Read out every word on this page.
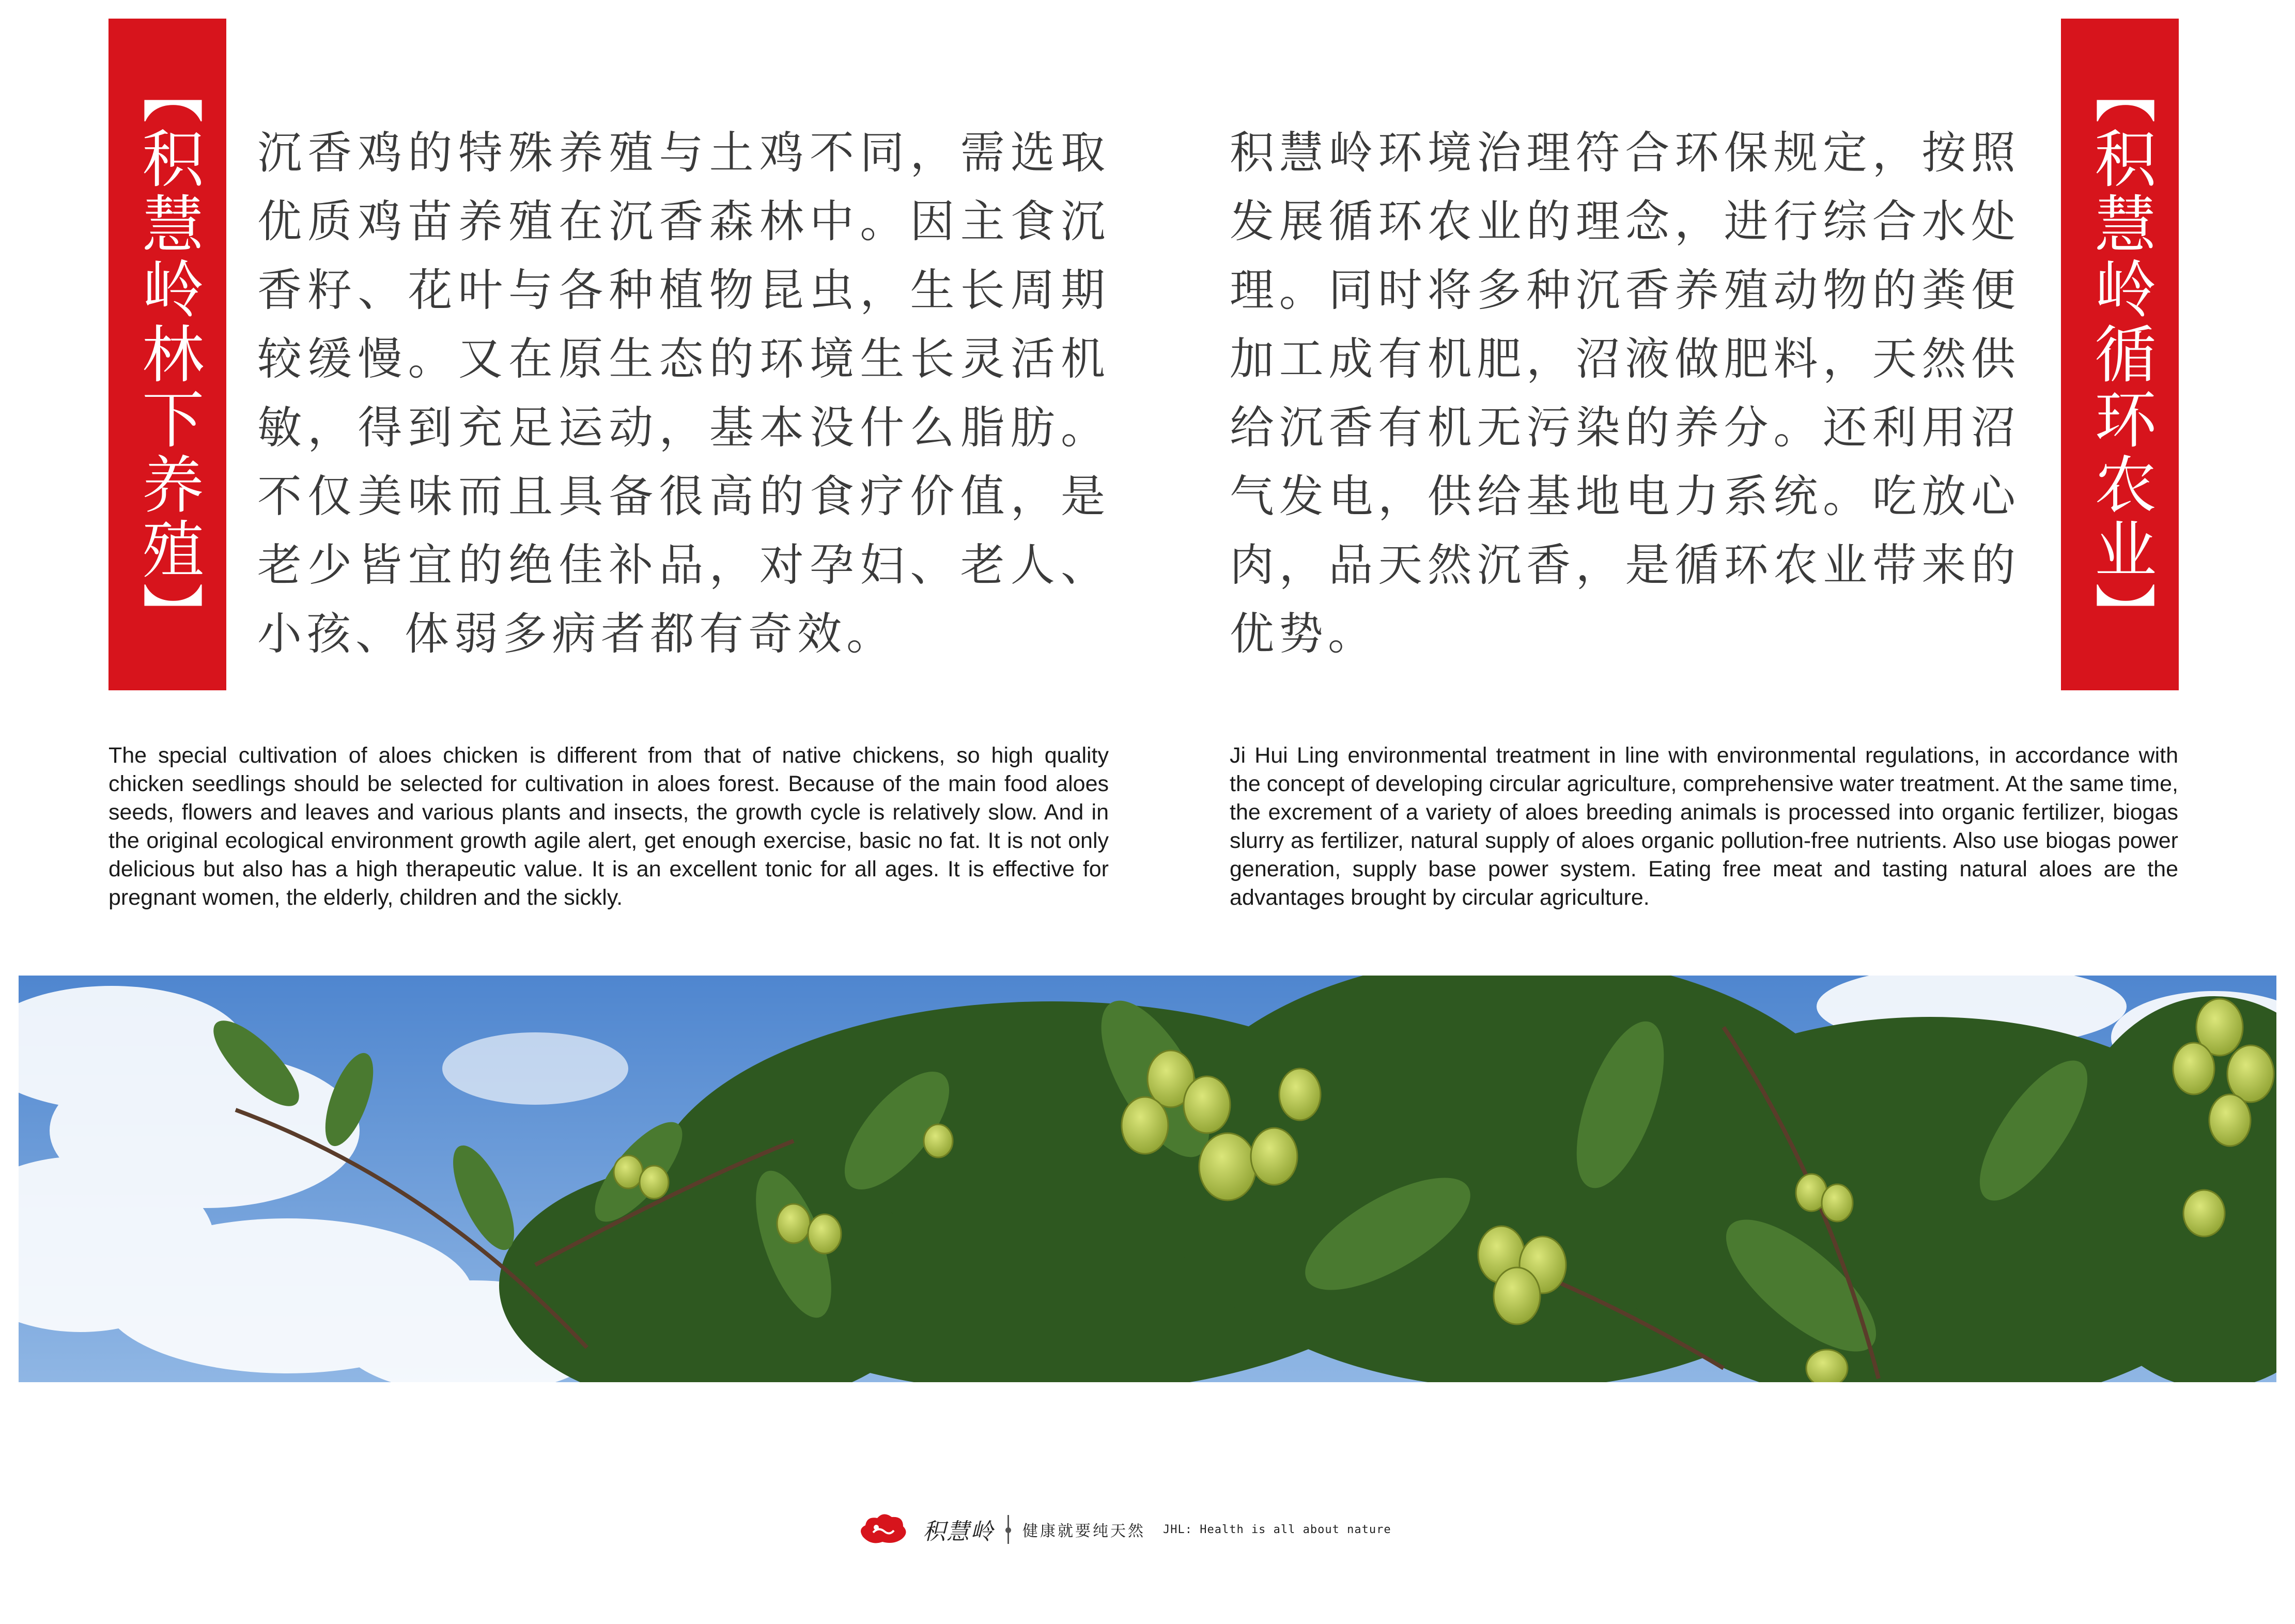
【积慧岭林下养殖】 沉香鸡的特殊养殖与土鸡不同，需选取优质鸡苗养殖在沉香森林中。因主食沉香籽、花叶与各种植物昆虫，生长周期较缓慢。又在原生态的环境生长灵活机敏，得到充足运动，基本没什么脂肪。不仅美味而且具备很高的食疗价值，是老少皆宜的绝佳补品，对孕妇、老人、小孩、体弱多病者都有奇效。

The special cultivation of aloes chicken is different from that of native chickens, so high quality chicken seedlings should be selected for cultivation in aloes forest. Because of the main food aloes seeds, flowers and leaves and various plants and insects, the growth cycle is relatively slow. And in the original ecological environment growth agile alert, get enough exercise, basic no fat. It is not only delicious but also has a high therapeutic value. It is an excellent tonic for all ages. It is effective for pregnant women, the elderly, children and the sickly.

【积慧岭循环农业】

积慧岭环境治理符合环保规定，按照发展循环农业的理念，进行综合水处理。同时将多种沉香养殖动物的粪便加工成有机肥，沼液做肥料，天然供给沉香有机无污染的养分。还利用沼气发电，供给基地电力系统。吃放心肉，品天然沉香，是循环农业带来的优势。

Ji Hui Ling environmental treatment in line with environmental regulations, in accordance with the concept of developing circular agriculture, comprehensive water treatment. At the same time, the excrement of a variety of aloes breeding animals is processed into organic fertilizer, biogas slurry as fertilizer, natural supply of aloes organic pollution-free nutrients. Also use biogas power generation, supply base power system. Eating free meat and tasting natural aloes are the advantages brought by circular agriculture.

积慧岭 健康就要纯天然 JHL: Health is all about nature
